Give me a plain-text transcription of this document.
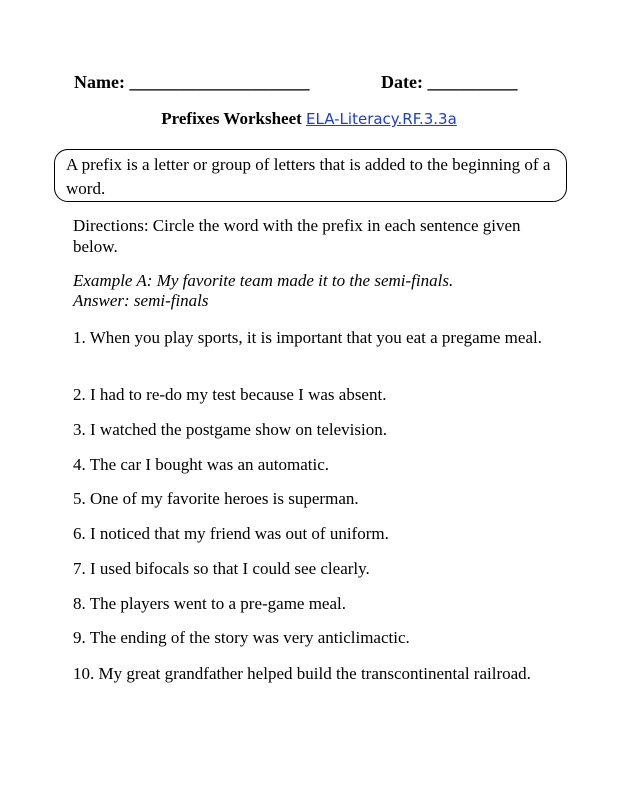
Name: ____________________	Date: __________
Prefixes Worksheet ELA-Literacy.RF.3.3a
A prefix is a letter or group of letters that is added to the beginning of a word.
Directions: Circle the word with the prefix in each sentence given below.
Example A: My favorite team made it to the semi-finals.
Answer: semi-finals
1. When you play sports, it is important that you eat a pregame meal.
2. I had to re-do my test because I was absent.
3. I watched the postgame show on television.
4. The car I bought was an automatic.
5. One of my favorite heroes is superman.
6. I noticed that my friend was out of uniform.
7. I used bifocals so that I could see clearly.
8. The players went to a pre-game meal.
9. The ending of the story was very anticlimactic.
10. My great grandfather helped build the transcontinental railroad.
